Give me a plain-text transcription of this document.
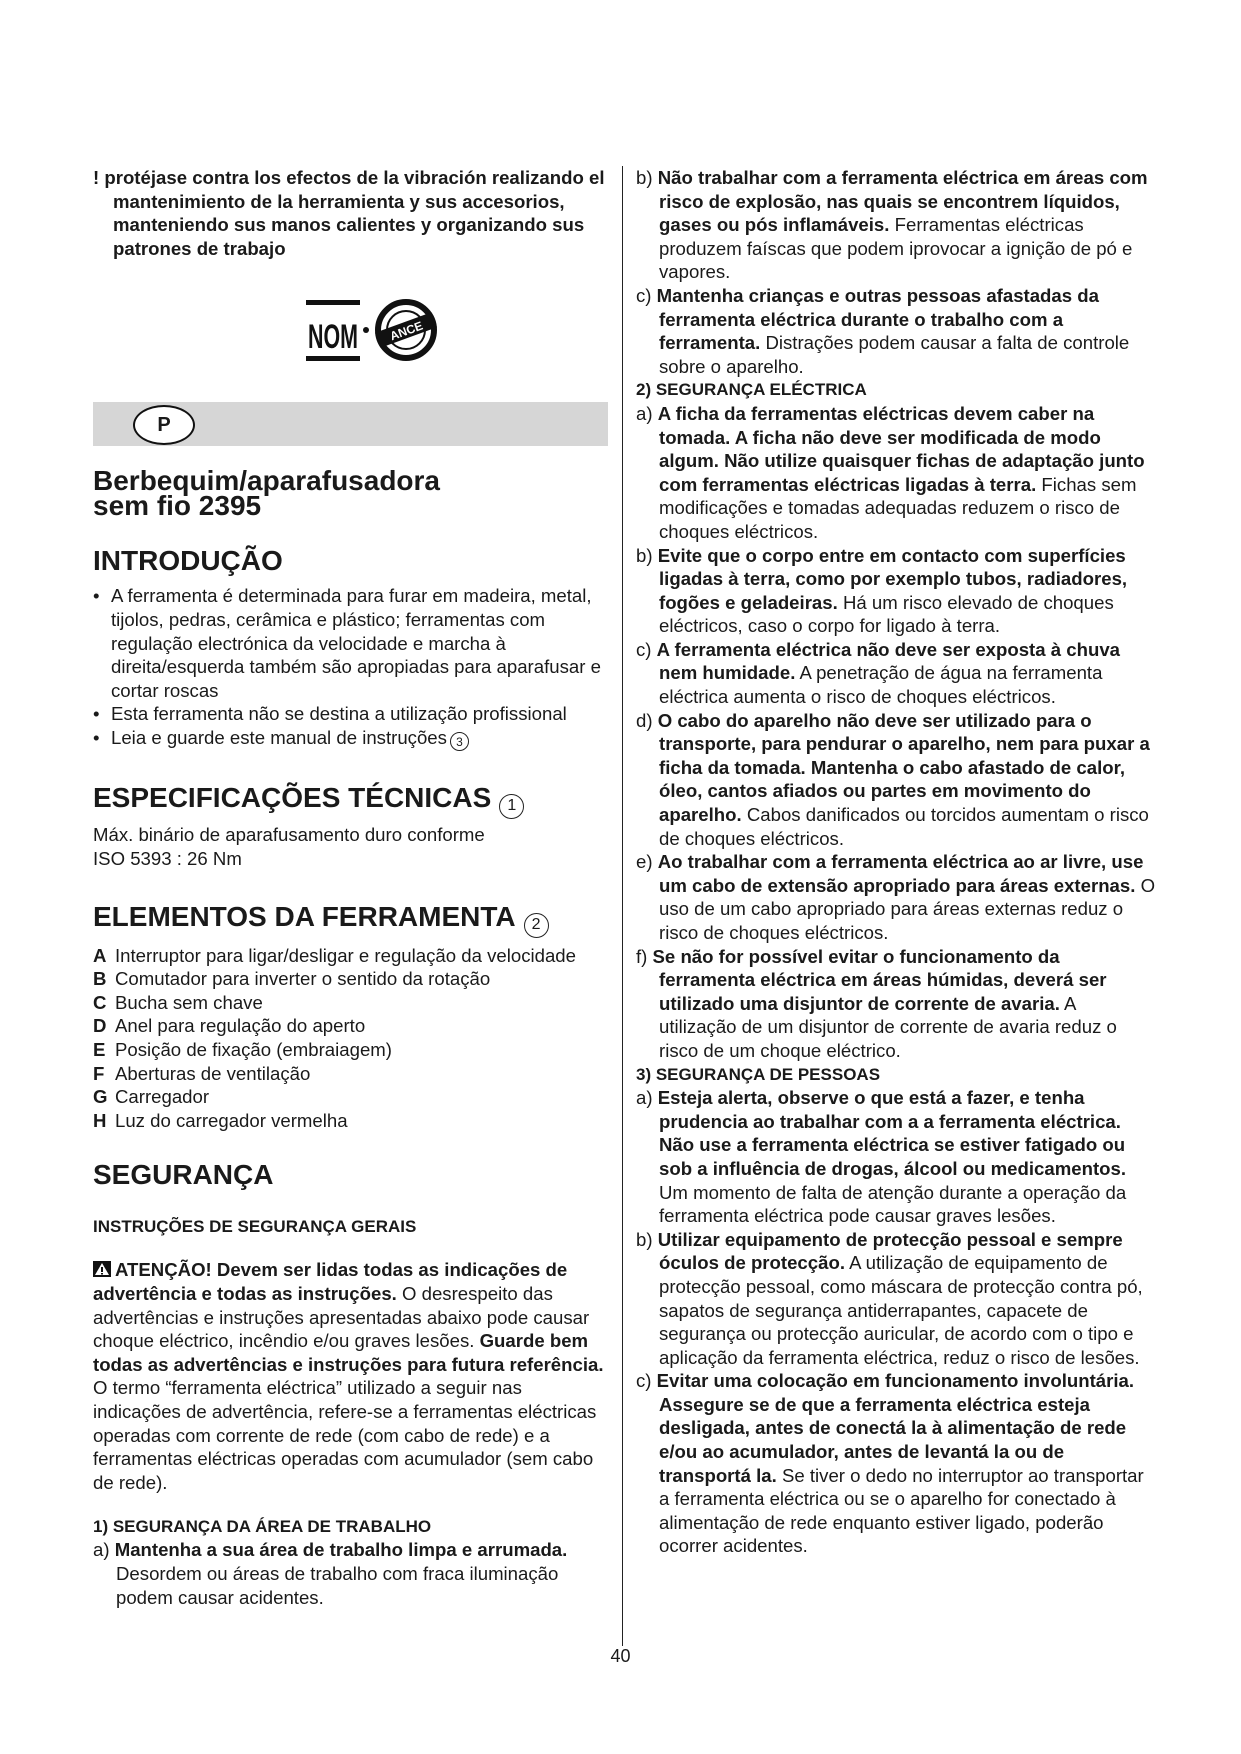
! protéjase contra los efectos de la vibración realizando el mantenimiento de la herramienta y sus accesorios, manteniendo sus manos calientes y organizando sus patrones de trabajo

NOM ANCE
P
Berbequim/aparafusadora
sem fio 2395
INTRODUÇÃO
• A ferramenta é determinada para furar em madeira, metal, tijolos, pedras, cerâmica e plástico; ferramentas com regulação electrónica da velocidade e marcha à direita/esquerda também são apropiadas para aparafusar e cortar roscas
• Esta ferramenta não se destina a utilização profissional
• Leia e guarde este manual de instruções 3
ESPECIFICAÇÕES TÉCNICAS 1

Máx. binário de aparafusamento duro conforme

ISO 5393 : 26 Nm

ELEMENTOS DA FERRAMENTA 2
A Interruptor para ligar/desligar e regulação da velocidade
B Comutador para inverter o sentido da rotação
C Bucha sem chave
D Anel para regulação do aperto
E Posição de fixação (embraiagem)
F Aberturas de ventilação
G Carregador
H Luz do carregador vermelha
SEGURANÇA
INSTRUÇÕES DE SEGURANÇA GERAIS

ATENÇÃO! Devem ser lidas todas as indicações de advertência e todas as instruções. O desrespeito das advertências e instruções apresentadas abaixo pode causar choque eléctrico, incêndio e/ou graves lesões. Guarde bem todas as advertências e instruções para futura referência. O termo “ferramenta eléctrica” utilizado a seguir nas indicações de advertência, refere-se a ferramentas eléctricas operadas com corrente de rede (com cabo de rede) e a ferramentas eléctricas operadas com acumulador (sem cabo de rede).

1) SEGURANÇA DA ÁREA DE TRABALHO

a) Mantenha a sua área de trabalho limpa e arrumada. Desordem ou áreas de trabalho com fraca iluminação podem causar acidentes.

b) Não trabalhar com a ferramenta eléctrica em áreas com risco de explosão, nas quais se encontrem líquidos, gases ou pós inflamáveis. Ferramentas eléctricas produzem faíscas que podem iprovocar a ignição de pó e vapores.

c) Mantenha crianças e outras pessoas afastadas da ferramenta eléctrica durante o trabalho com a ferramenta. Distrações podem causar a falta de controle sobre o aparelho.

2) SEGURANÇA ELÉCTRICA

a) A ficha da ferramentas eléctricas devem caber na tomada. A ficha não deve ser modificada de modo algum. Não utilize quaisquer fichas de adaptação junto com ferramentas eléctricas ligadas à terra. Fichas sem modificações e tomadas adequadas reduzem o risco de choques eléctricos.

b) Evite que o corpo entre em contacto com superfícies ligadas à terra, como por exemplo tubos, radiadores, fogões e geladeiras. Há um risco elevado de choques eléctricos, caso o corpo for ligado à terra.

c) A ferramenta eléctrica não deve ser exposta à chuva nem humidade. A penetração de água na ferramenta eléctrica aumenta o risco de choques eléctricos.

d) O cabo do aparelho não deve ser utilizado para o transporte, para pendurar o aparelho, nem para puxar a ficha da tomada. Mantenha o cabo afastado de calor, óleo, cantos afiados ou partes em movimento do aparelho. Cabos danificados ou torcidos aumentam o risco de choques eléctricos.

e) Ao trabalhar com a ferramenta eléctrica ao ar livre, use um cabo de extensão apropriado para áreas externas. O uso de um cabo apropriado para áreas externas reduz o risco de choques eléctricos.

f) Se não for possível evitar o funcionamento da ferramenta eléctrica em áreas húmidas, deverá ser utilizado uma disjuntor de corrente de avaria. A utilização de um disjuntor de corrente de avaria reduz o risco de um choque eléctrico.

3) SEGURANÇA DE PESSOAS

a) Esteja alerta, observe o que está a fazer, e tenha prudencia ao trabalhar com a a ferramenta eléctrica. Não use a ferramenta eléctrica se estiver fatigado ou sob a influência de drogas, álcool ou medicamentos. Um momento de falta de atenção durante a operação da ferramenta eléctrica pode causar graves lesões.

b) Utilizar equipamento de protecção pessoal e sempre óculos de protecção. A utilização de equipamento de protecção pessoal, como máscara de protecção contra pó, sapatos de segurança antiderrapantes, capacete de segurança ou protecção auricular, de acordo com o tipo e aplicação da ferramenta eléctrica, reduz o risco de lesões.

c) Evitar uma colocação em funcionamento involuntária. Assegure se de que a ferramenta eléctrica esteja desligada, antes de conectá la à alimentação de rede e/ou ao acumulador, antes de levantá la ou de transportá la. Se tiver o dedo no interruptor ao transportar a ferramenta eléctrica ou se o aparelho for conectado à alimentação de rede enquanto estiver ligado, poderão ocorrer acidentes.

40
